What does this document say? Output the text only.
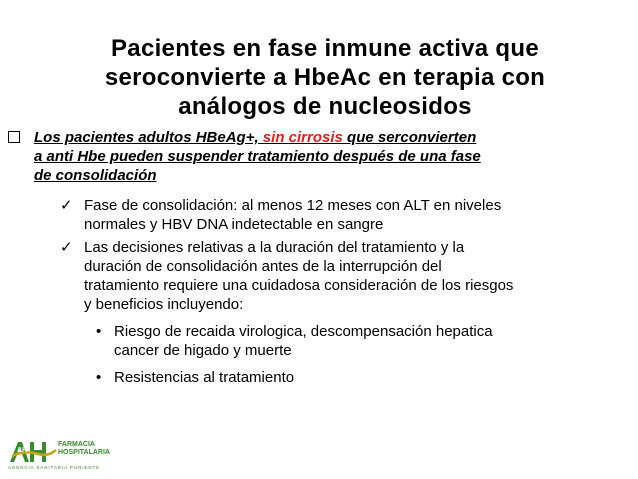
Pacientes en fase inmune activa que
seroconvierte a HbeAc en terapia con
análogos de nucleosidos
Los pacientes adultos HBeAg+, sin cirrosis que serconvierten
a anti Hbe pueden suspender tratamiento después de una fase
de consolidación
✓ Fase de consolidación: al menos 12 meses con ALT en niveles
normales y HBV DNA indetectable en sangre
✓ Las decisiones relativas a la duración del tratamiento y la
duración de consolidación antes de la interrupción del
tratamiento requiere una cuidadosa consideración de los riesgos
y beneficios incluyendo:
• Riesgo de recaida virologica, descompensación hepatica
cancer de higado y muerte
• Resistencias al tratamiento
AH
FARMACIA
HOSPITALARIA
AGENCIA SANITARIA PONIENTE
